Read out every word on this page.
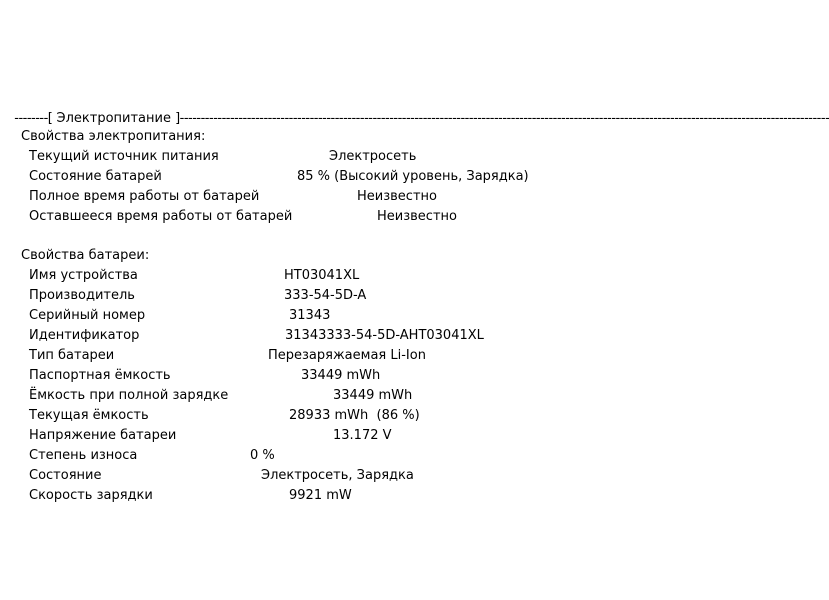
--------[ Электропитание ]-----------------------------------------------------------------------------------------------------------------------------------------------------------

Свойства электропитания:
Текущий источник питания	Электросеть
Состояние батарей	85 % (Высокий уровень, Зарядка)
Полное время работы от батарей	Неизвестно
Оставшееся время работы от батарей	Неизвестно
Свойства батареи:
Имя устройства	HT03041XL
Производитель	333-54-5D-A
Серийный номер	31343
Идентификатор	31343333-54-5D-AHT03041XL
Тип батареи	Перезаряжаемая Li-Ion
Паспортная ёмкость	33449 mWh
Ёмкость при полной зарядке	33449 mWh
Текущая ёмкость	28933 mWh  (86 %)
Напряжение батареи	13.172 V
Степень износа	0 %
Состояние	Электросеть, Зарядка
Скорость зарядки	9921 mW
